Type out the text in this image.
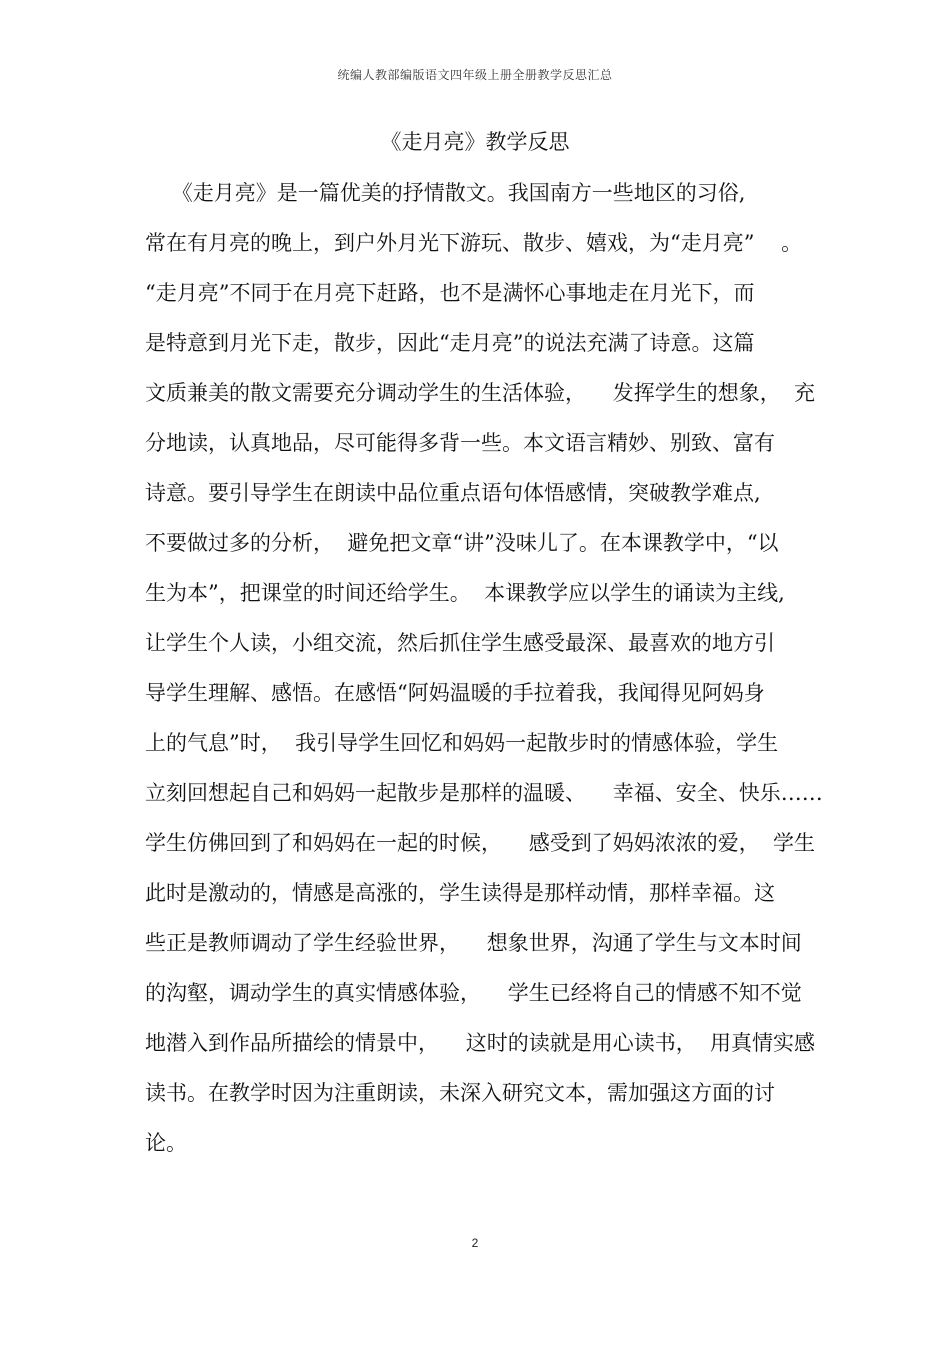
统编人教部编版语文四年级上册全册教学反思汇总
《走月亮》教学反思
《走月亮》是一篇优美的抒情散文。我国南方一些地区的习俗,
常在有月亮的晚上，到户外月光下游玩、散步、嬉戏，为“走月亮”    。
“走月亮”不同于在月亮下赶路，也不是满怀心事地走在月光下，而
是特意到月光下走，散步，因此“走月亮”的说法充满了诗意。这篇
文质兼美的散文需要充分调动学生的生活体验，    发挥学生的想象，  充
分地读，认真地品，尽可能得多背一些。本文语言精妙、别致、富有
诗意。要引导学生在朗读中品位重点语句体悟感情，突破教学难点,
不要做过多的分析，  避免把文章“讲”没味儿了。在本课教学中，“以
生为本”，把课堂的时间还给学生。  本课教学应以学生的诵读为主线,
让学生个人读，小组交流，然后抓住学生感受最深、最喜欢的地方引
导学生理解、感悟。在感悟“阿妈温暖的手拉着我，我闻得见阿妈身
上的气息”时，  我引导学生回忆和妈妈一起散步时的情感体验，学生
立刻回想起自己和妈妈一起散步是那样的温暖、    幸福、安全、快乐……
学生仿佛回到了和妈妈在一起的时候，    感受到了妈妈浓浓的爱，  学生
此时是激动的，情感是高涨的，学生读得是那样动情，那样幸福。这
些正是教师调动了学生经验世界，    想象世界，沟通了学生与文本时间
的沟壑，调动学生的真实情感体验，    学生已经将自己的情感不知不觉
地潜入到作品所描绘的情景中，    这时的读就是用心读书，  用真情实感
读书。在教学时因为注重朗读，未深入研究文本，需加强这方面的讨
论。
2
